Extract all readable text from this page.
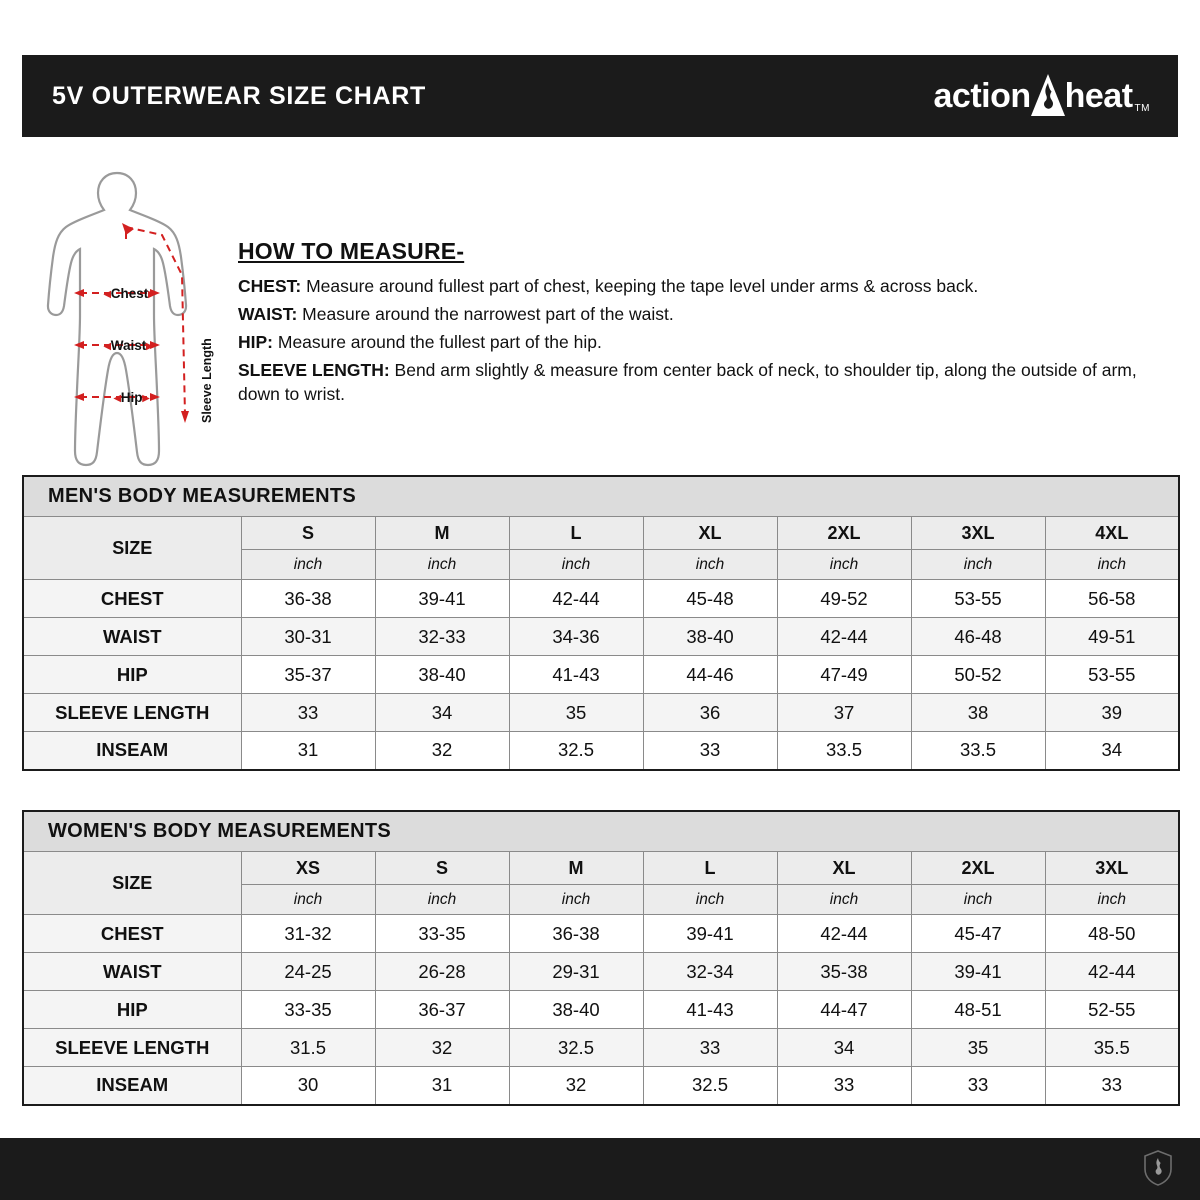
5V OUTERWEAR SIZE CHART	action heat TM
◂Chest▸
◂Waist▸
◂Hip▸	Sleeve Length
HOW TO MEASURE-
CHEST: Measure around fullest part of chest, keeping the tape level under arms & across back.
WAIST: Measure around the narrowest part of the waist.
HIP: Measure around the fullest part of the hip.
SLEEVE LENGTH: Bend arm slightly & measure from center back of neck, to shoulder tip, along the outside of arm, down to wrist.
MEN'S BODY MEASUREMENTS							
SIZE	S	M	L	XL	2XL	3XL	4XL
	inch	inch	inch	inch	inch	inch	inch
CHEST	36-38	39-41	42-44	45-48	49-52	53-55	56-58
WAIST	30-31	32-33	34-36	38-40	42-44	46-48	49-51
HIP	35-37	38-40	41-43	44-46	47-49	50-52	53-55
SLEEVE LENGTH	33	34	35	36	37	38	39
INSEAM	31	32	32.5	33	33.5	33.5	34
WOMEN'S BODY MEASUREMENTS							
SIZE	XS	S	M	L	XL	2XL	3XL
	inch	inch	inch	inch	inch	inch	inch
CHEST	31-32	33-35	36-38	39-41	42-44	45-47	48-50
WAIST	24-25	26-28	29-31	32-34	35-38	39-41	42-44
HIP	33-35	36-37	38-40	41-43	44-47	48-51	52-55
SLEEVE LENGTH	31.5	32	32.5	33	34	35	35.5
INSEAM	30	31	32	32.5	33	33	33
